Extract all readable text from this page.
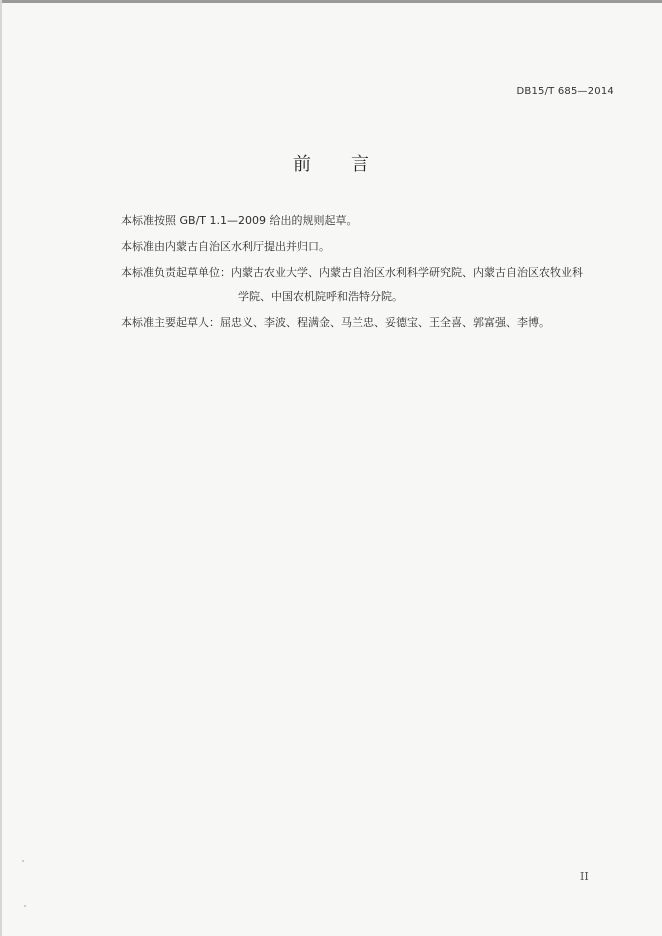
DB15/T 685—2014
前言
本标准按照 GB/T 1.1—2009 给出的规则起草。
本标准由内蒙古自治区水利厅提出并归口。
本标准负责起草单位：内蒙古农业大学、内蒙古自治区水利科学研究院、内蒙古自治区农牧业科
学院、中国农机院呼和浩特分院。
本标准主要起草人：屈忠义、李波、程满金、马兰忠、妥德宝、王全喜、郭富强、李博。
II
